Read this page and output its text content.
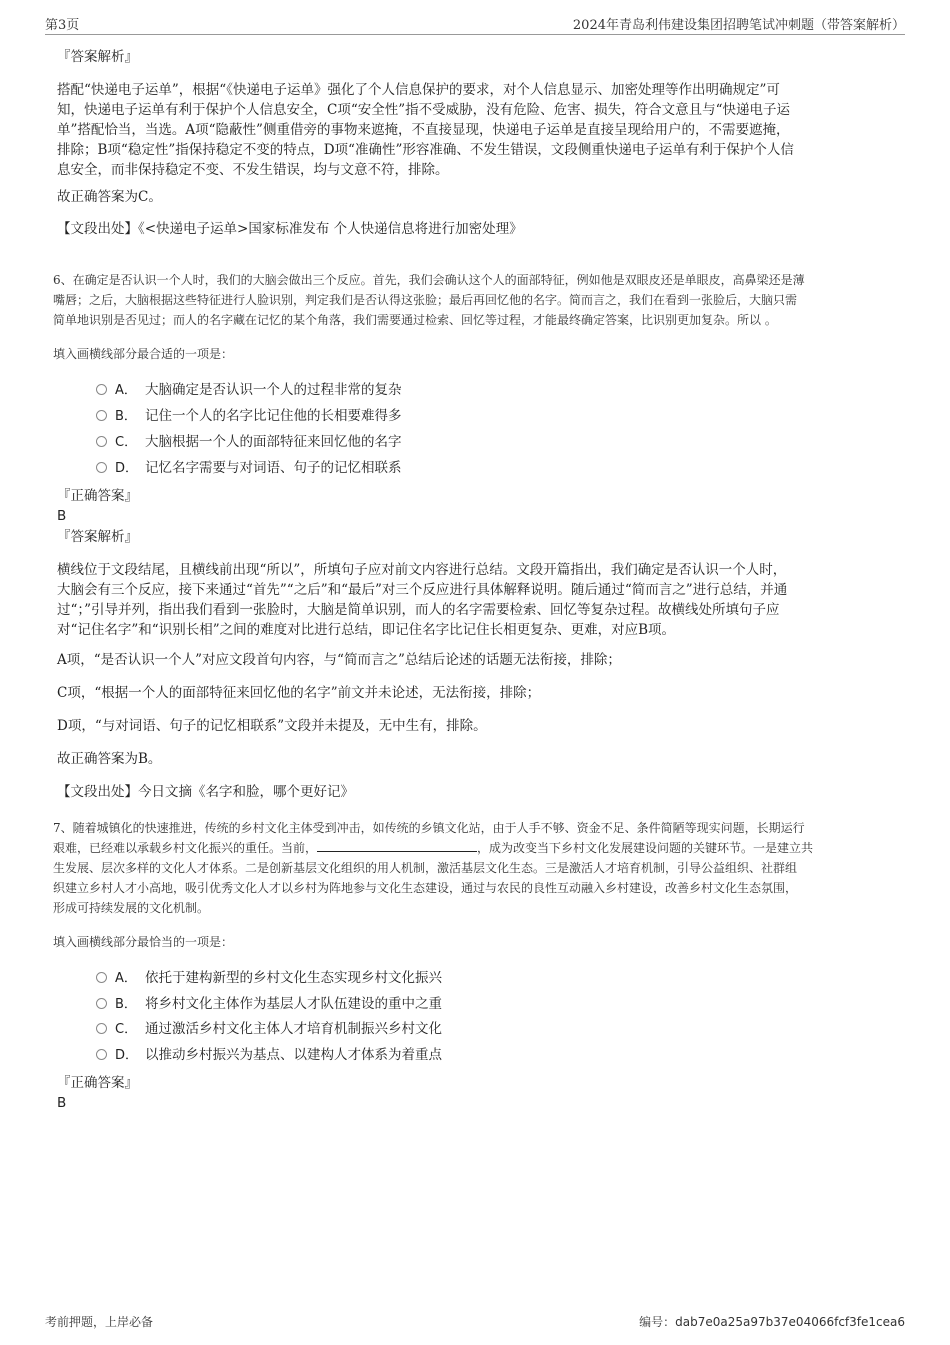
第3页	2024年青岛利伟建设集团招聘笔试冲刺题（带答案解析）

『答案解析』

搭配“快递电子运单”，根据“《快递电子运单》强化了个人信息保护的要求，对个人信息显示、加密处理等作出明确规定”可

知，快递电子运单有利于保护个人信息安全，C项“安全性”指不受威胁，没有危险、危害、损失，符合文意且与“快递电子运

单”搭配恰当，当选。A项“隐蔽性”侧重借旁的事物来遮掩，不直接显现，快递电子运单是直接呈现给用户的，不需要遮掩，

排除；B项“稳定性”指保持稳定不变的特点，D项“准确性”形容准确、不发生错误，文段侧重快递电子运单有利于保护个人信

息安全，而非保持稳定不变、不发生错误，均与文意不符，排除。

故正确答案为C。

【文段出处】《<快递电子运单>国家标准发布 个人快递信息将进行加密处理》

6、在确定是否认识一个人时，我们的大脑会做出三个反应。首先，我们会确认这个人的面部特征，例如他是双眼皮还是单眼皮，高鼻梁还是薄

嘴唇；之后，大脑根据这些特征进行人脸识别，判定我们是否认得这张脸；最后再回忆他的名字。简而言之，我们在看到一张脸后，大脑只需

简单地识别是否见过；而人的名字藏在记忆的某个角落，我们需要通过检索、回忆等过程，才能最终确定答案，比识别更加复杂。所以 。

填入画横线部分最合适的一项是：

A． 大脑确定是否认识一个人的过程非常的复杂
B． 记住一个人的名字比记住他的长相要难得多
C． 大脑根据一个人的面部特征来回忆他的名字
D． 记忆名字需要与对词语、句子的记忆相联系

『正确答案』

B

『答案解析』

横线位于文段结尾，且横线前出现“所以”，所填句子应对前文内容进行总结。文段开篇指出，我们确定是否认识一个人时，

大脑会有三个反应，接下来通过“首先”“之后”和“最后”对三个反应进行具体解释说明。随后通过“简而言之”进行总结，并通

过“；”引导并列，指出我们看到一张脸时，大脑是简单识别，而人的名字需要检索、回忆等复杂过程。故横线处所填句子应

对“记住名字”和“识别长相”之间的难度对比进行总结，即记住名字比记住长相更复杂、更难，对应B项。

A项，“是否认识一个人”对应文段首句内容，与“简而言之”总结后论述的话题无法衔接，排除；

C项，“根据一个人的面部特征来回忆他的名字”前文并未论述，无法衔接，排除；

D项，“与对词语、句子的记忆相联系”文段并未提及，无中生有，排除。

故正确答案为B。

【文段出处】今日文摘《名字和脸，哪个更好记》

7、随着城镇化的快速推进，传统的乡村文化主体受到冲击，如传统的乡镇文化站，由于人手不够、资金不足、条件简陋等现实问题，长期运行

艰难，已经难以承载乡村文化振兴的重任。当前，	，成为改变当下乡村文化发展建设问题的关键环节。一是建立共

生发展、层次多样的文化人才体系。二是创新基层文化组织的用人机制，激活基层文化生态。三是激活人才培育机制，引导公益组织、社群组

织建立乡村人才小高地，吸引优秀文化人才以乡村为阵地参与文化生态建设，通过与农民的良性互动融入乡村建设，改善乡村文化生态氛围，

形成可持续发展的文化机制。

填入画横线部分最恰当的一项是：

A． 依托于建构新型的乡村文化生态实现乡村文化振兴
B． 将乡村文化主体作为基层人才队伍建设的重中之重
C． 通过激活乡村文化主体人才培育机制振兴乡村文化
D． 以推动乡村振兴为基点、以建构人才体系为着重点

『正确答案』

B

考前押题，上岸必备	编号：dab7e0a25a97b37e04066fcf3fe1cea6
